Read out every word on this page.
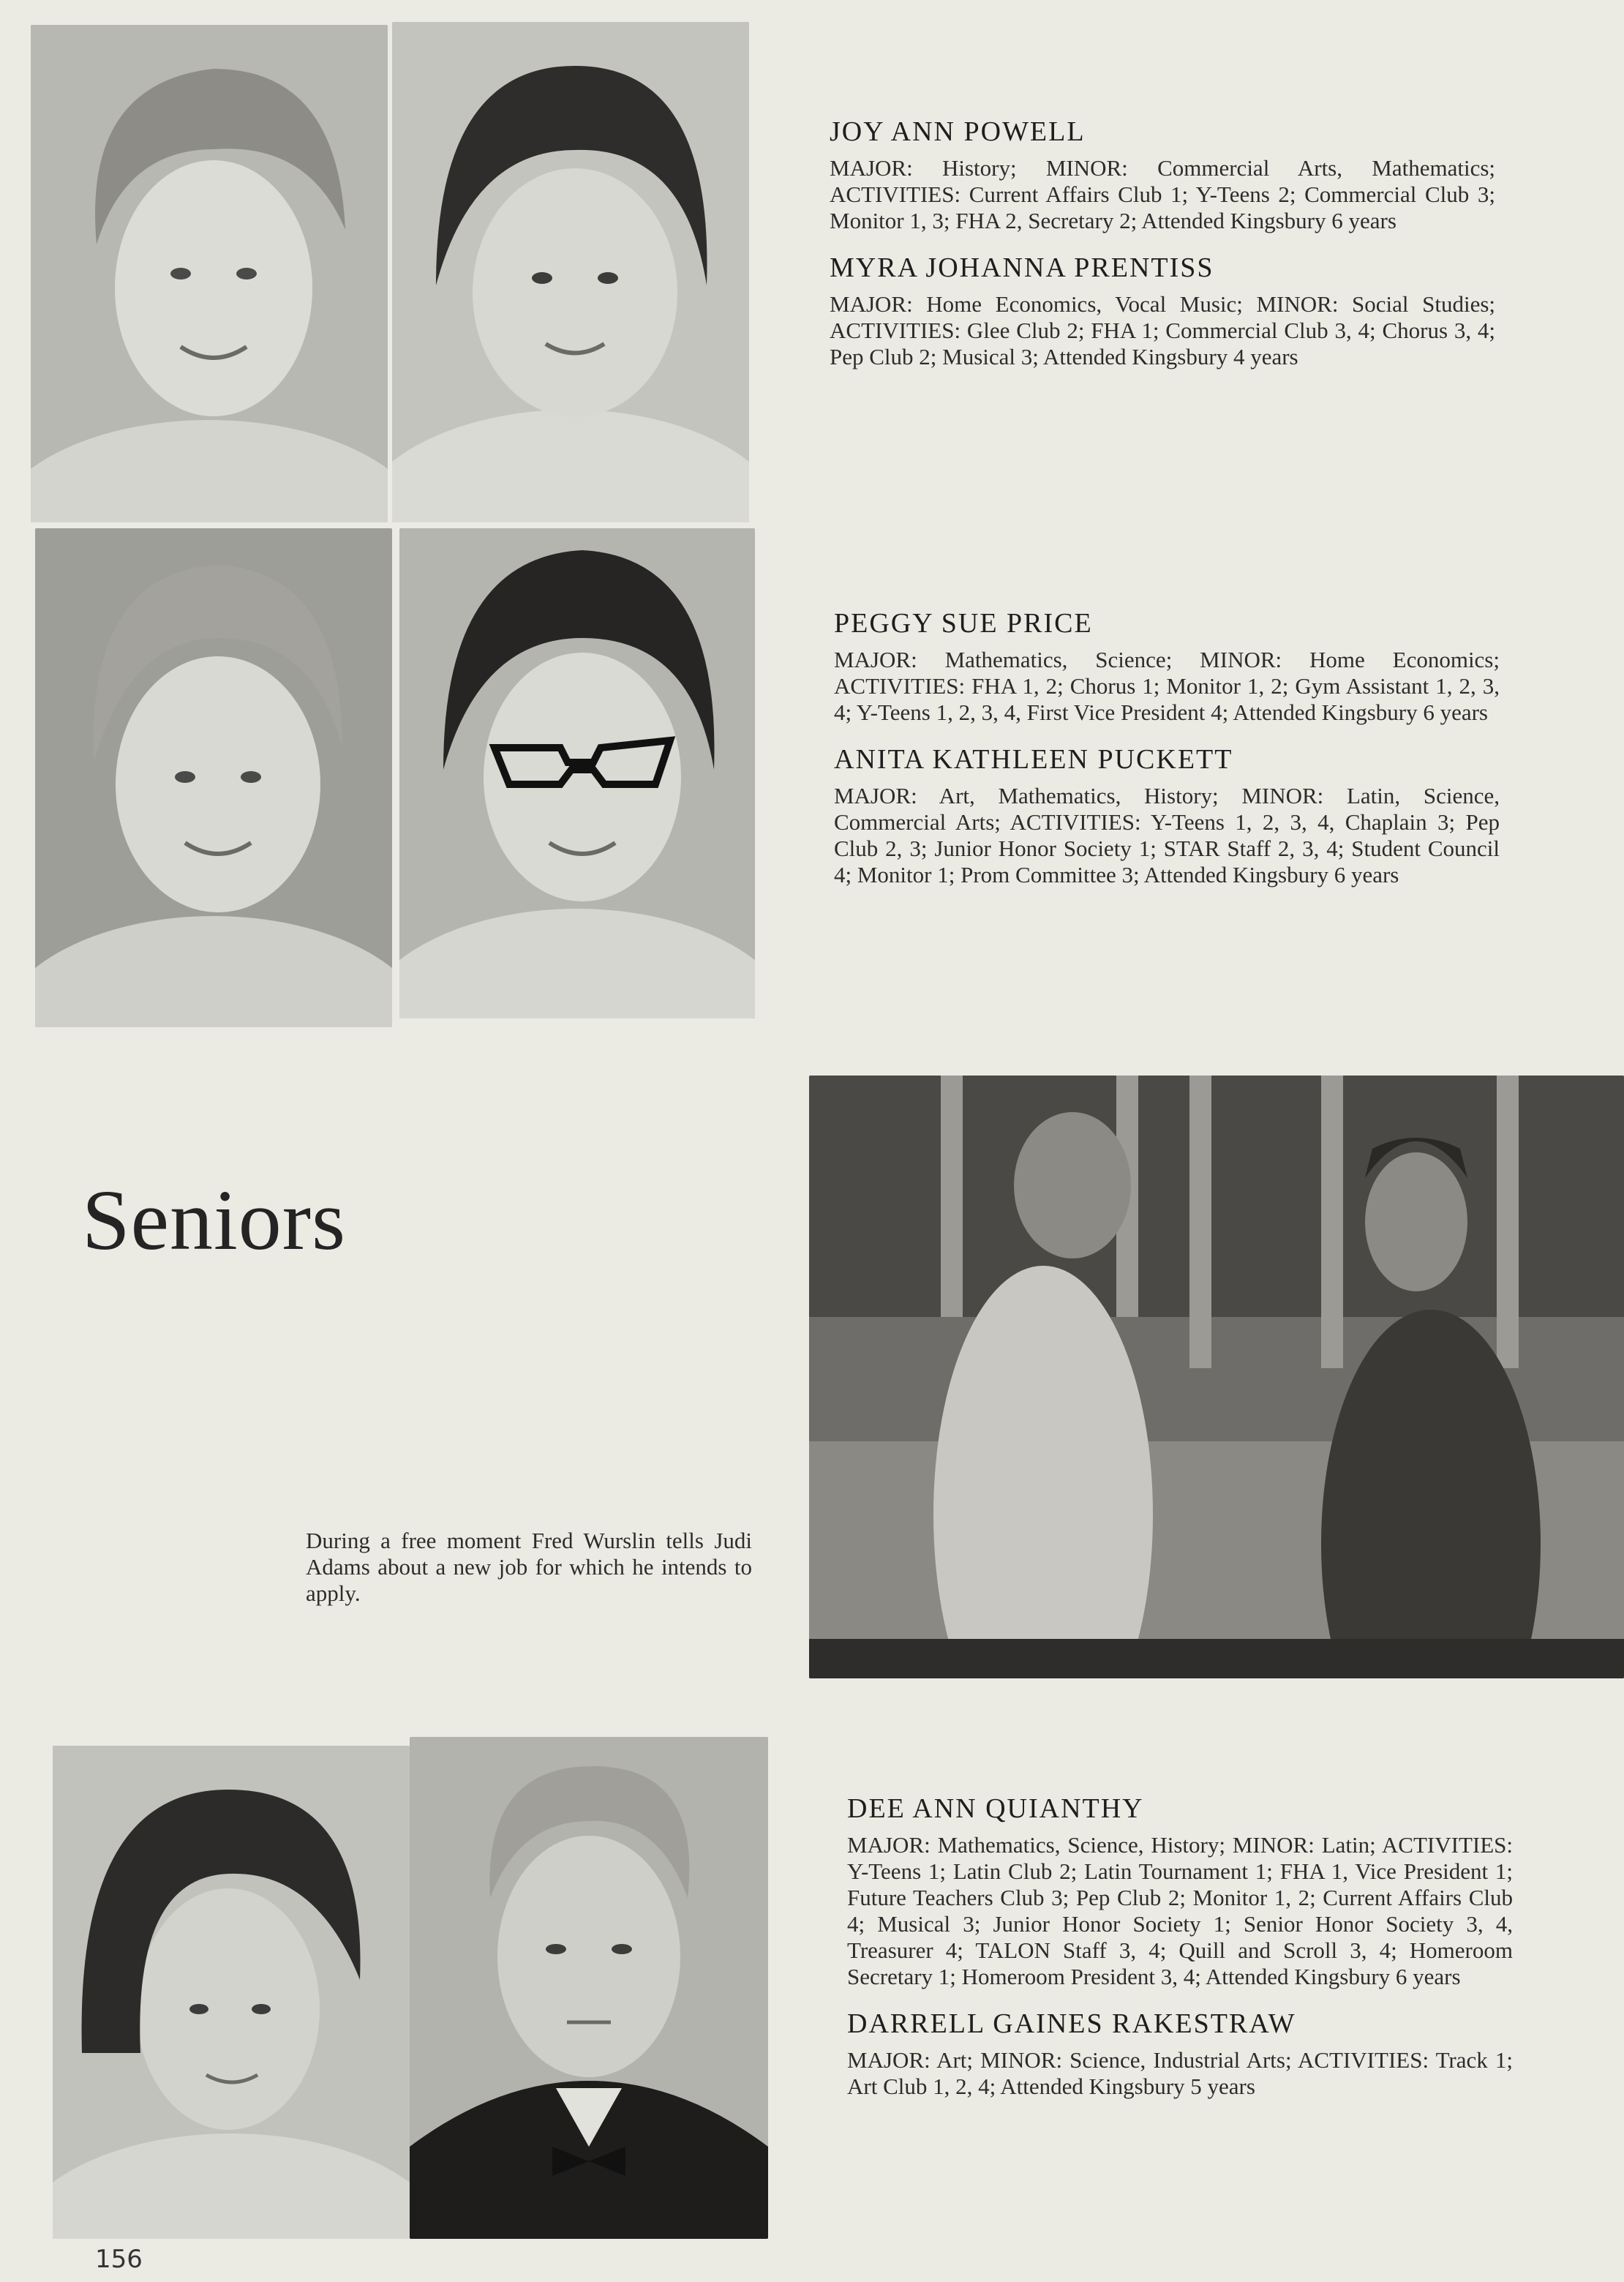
JOY ANN POWELL

MAJOR: History; MINOR: Commercial Arts, Mathematics; ACTIVITIES: Current Affairs Club 1; Y-Teens 2; Commercial Club 3; Monitor 1, 3; FHA 2, Secretary 2; Attended Kingsbury 6 years

MYRA JOHANNA PRENTISS

MAJOR: Home Economics, Vocal Music; MINOR: Social Studies; ACTIVITIES: Glee Club 2; FHA 1; Commercial Club 3, 4; Chorus 3, 4; Pep Club 2; Musical 3; Attended Kingsbury 4 years

PEGGY SUE PRICE

MAJOR: Mathematics, Science; MINOR: Home Economics; ACTIVITIES: FHA 1, 2; Chorus 1; Monitor 1, 2; Gym Assistant 1, 2, 3, 4; Y-Teens 1, 2, 3, 4, First Vice President 4; Attended Kingsbury 6 years

ANITA KATHLEEN PUCKETT

MAJOR: Art, Mathematics, History; MINOR: Latin, Science, Commercial Arts; ACTIVITIES: Y-Teens 1, 2, 3, 4, Chaplain 3; Pep Club 2, 3; Junior Honor Society 1; STAR Staff 2, 3, 4; Student Council 4; Monitor 1; Prom Committee 3; Attended Kingsbury 6 years

DEE ANN QUIANTHY

MAJOR: Mathematics, Science, History; MINOR: Latin; ACTIVITIES: Y-Teens 1; Latin Club 2; Latin Tournament 1; FHA 1, Vice President 1; Future Teachers Club 3; Pep Club 2; Monitor 1, 2; Current Affairs Club 4; Musical 3; Junior Honor Society 1; Senior Honor Society 3, 4, Treasurer 4; TALON Staff 3, 4; Quill and Scroll 3, 4; Homeroom Secretary 1; Homeroom President 3, 4; Attended Kingsbury 6 years

DARRELL GAINES RAKESTRAW

MAJOR: Art; MINOR: Science, Industrial Arts; ACTIVITIES: Track 1; Art Club 1, 2, 4; Attended Kingsbury 5 years

Seniors

During a free moment Fred Wurslin tells Judi Adams about a new job for which he intends to apply.

156
